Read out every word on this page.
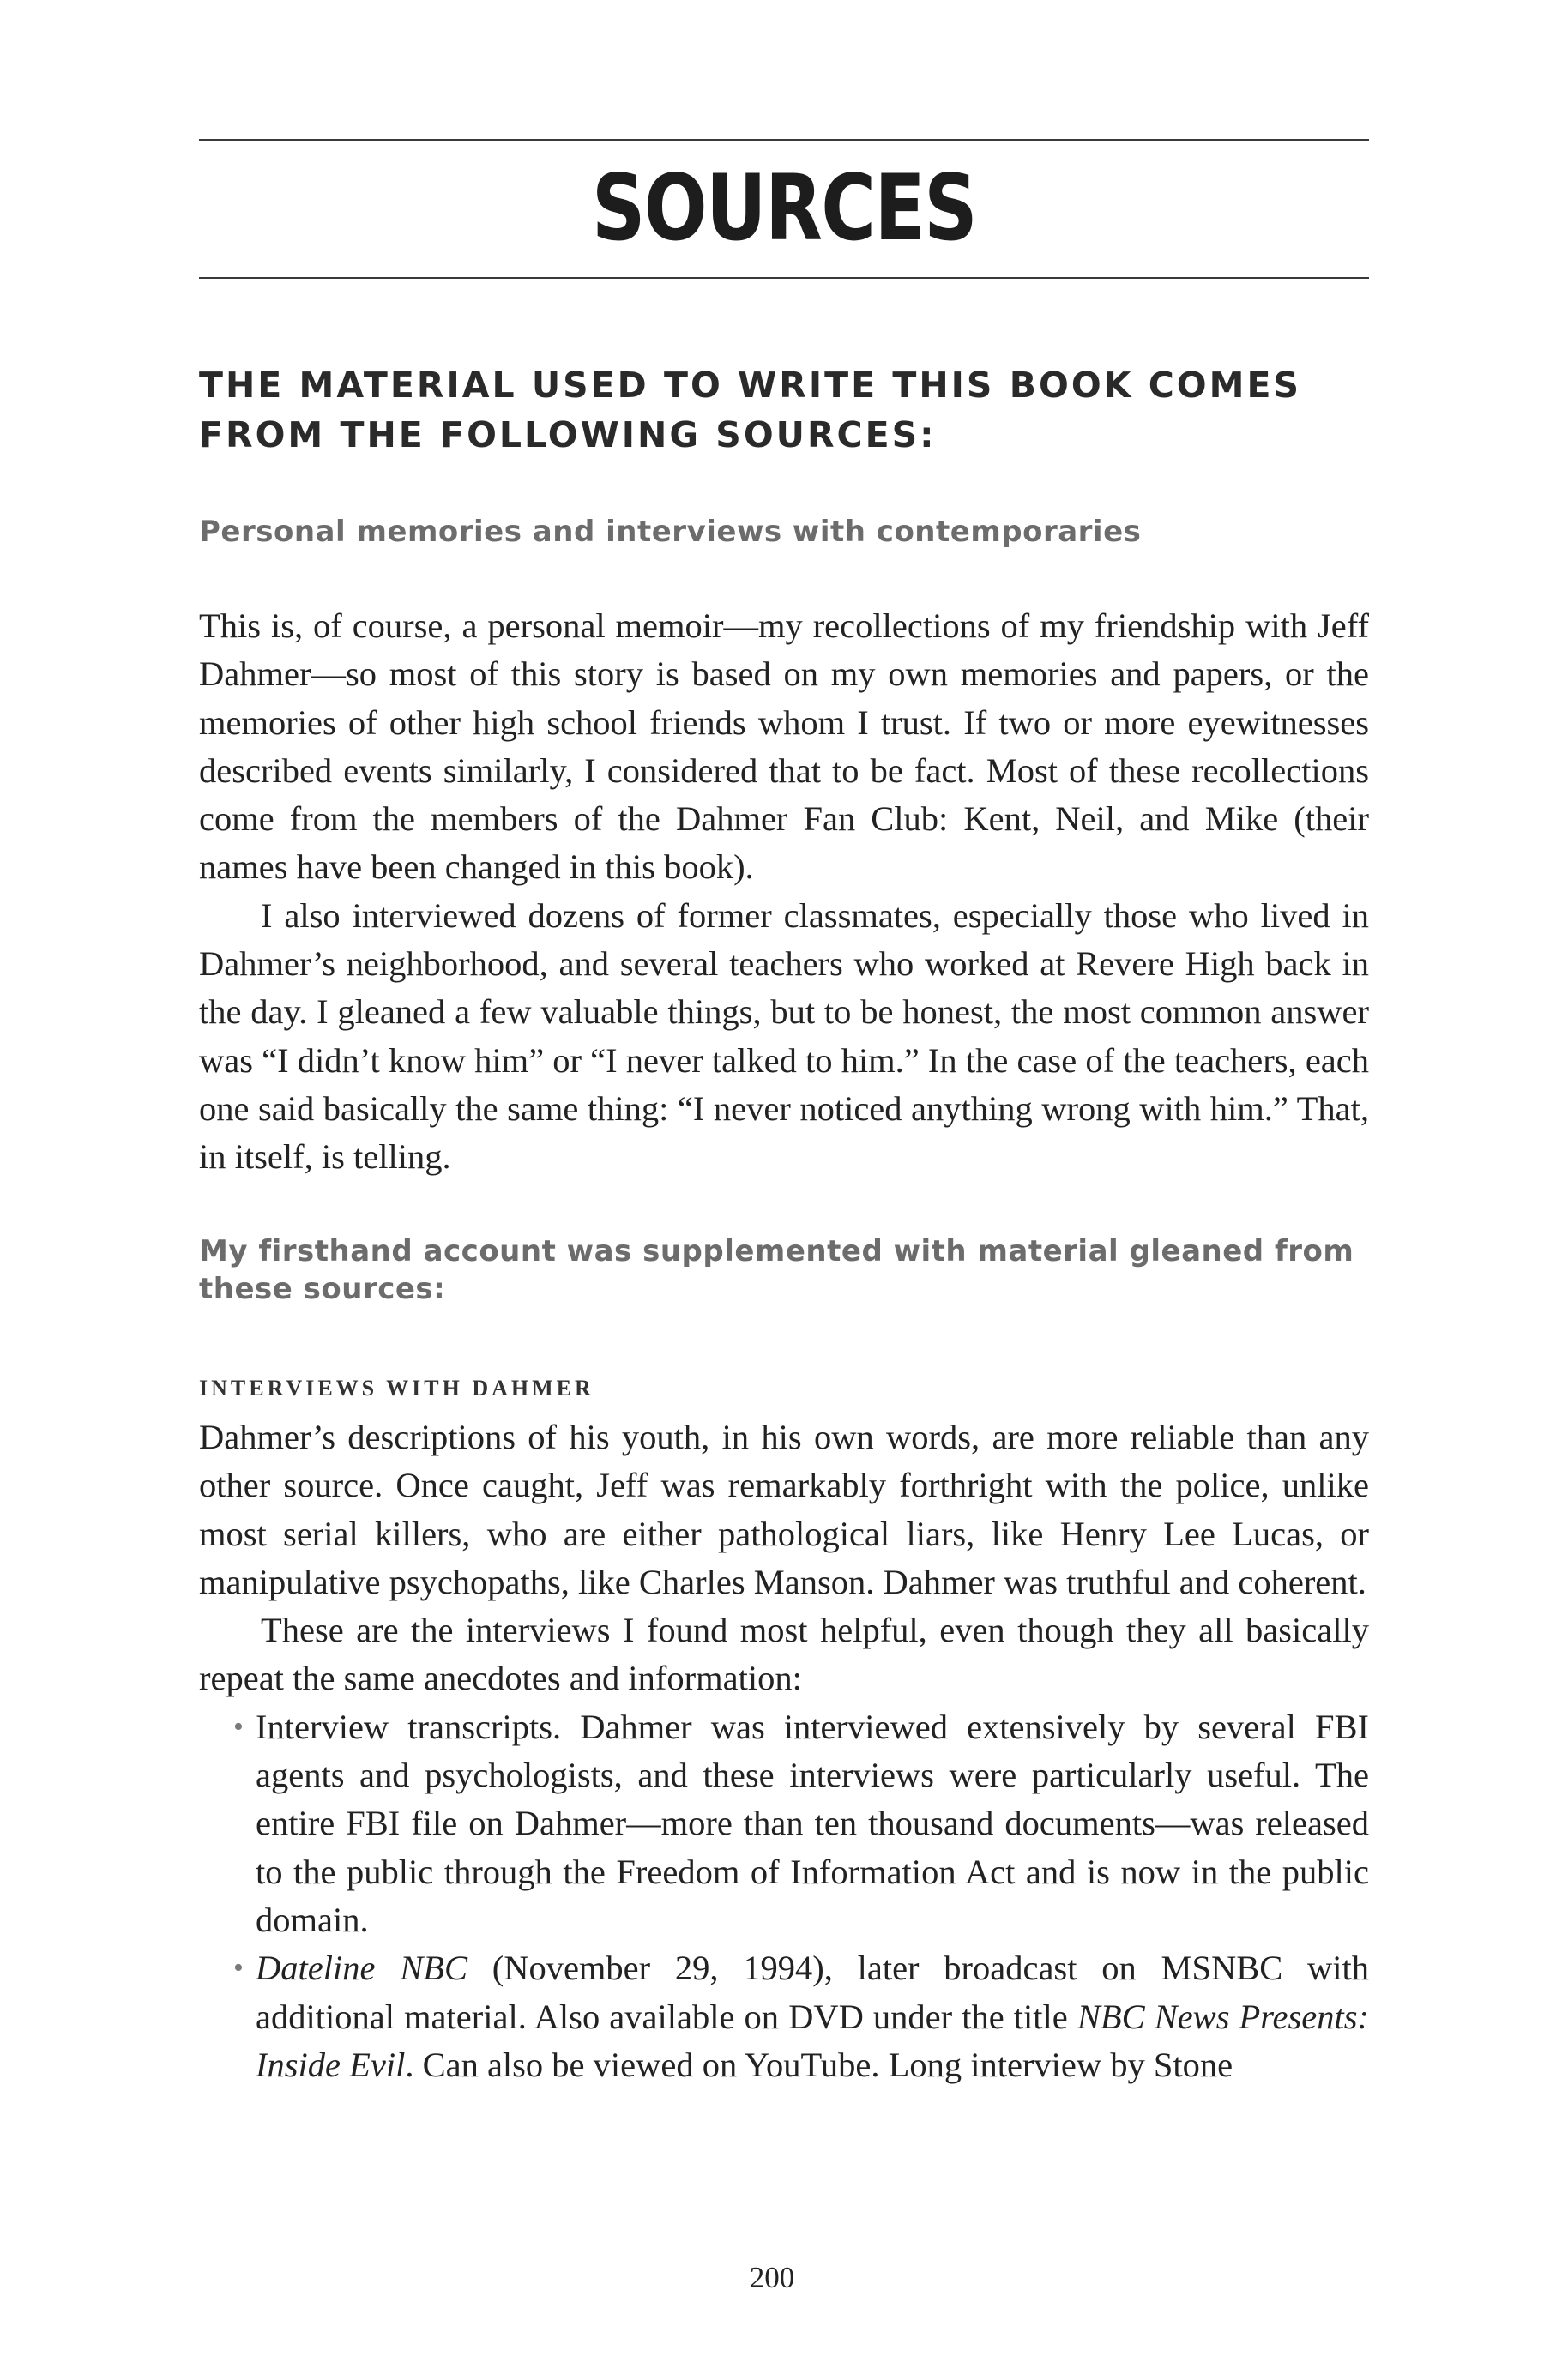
SOURCES
THE MATERIAL USED TO WRITE THIS BOOK COMES FROM THE FOLLOWING SOURCES:
Personal memories and interviews with contemporaries

This is, of course, a personal memoir—my recollections of my friendship with Jeff Dahmer—so most of this story is based on my own memories and papers, or the memories of other high school friends whom I trust. If two or more eyewitnesses described events similarly, I considered that to be fact. Most of these recollections come from the members of the Dahmer Fan Club: Kent, Neil, and Mike (their names have been changed in this book).

I also interviewed dozens of former classmates, especially those who lived in Dahmer’s neighborhood, and several teachers who worked at Revere High back in the day. I gleaned a few valuable things, but to be honest, the most common answer was “I didn’t know him” or “I never talked to him.” In the case of the teachers, each one said basically the same thing: “I never noticed anything wrong with him.” That, in itself, is telling.

My firsthand account was supplemented with material gleaned from these sources:
INTERVIEWS WITH DAHMER

Dahmer’s descriptions of his youth, in his own words, are more reliable than any other source. Once caught, Jeff was remarkably forthright with the police, unlike most serial killers, who are either pathological liars, like Henry Lee Lucas, or manipulative psychopaths, like Charles Manson. Dahmer was truthful and coherent.

These are the interviews I found most helpful, even though they all basically repeat the same anecdotes and information:

• Interview transcripts. Dahmer was interviewed extensively by several FBI agents and psychologists, and these interviews were particularly useful. The entire FBI file on Dahmer—more than ten thousand documents—was released to the public through the Freedom of Information Act and is now in the public domain.
• Dateline NBC (November 29, 1994), later broadcast on MSNBC with additional material. Also available on DVD under the title NBC News Presents: Inside Evil. Can also be viewed on YouTube. Long interview by Stone
200
